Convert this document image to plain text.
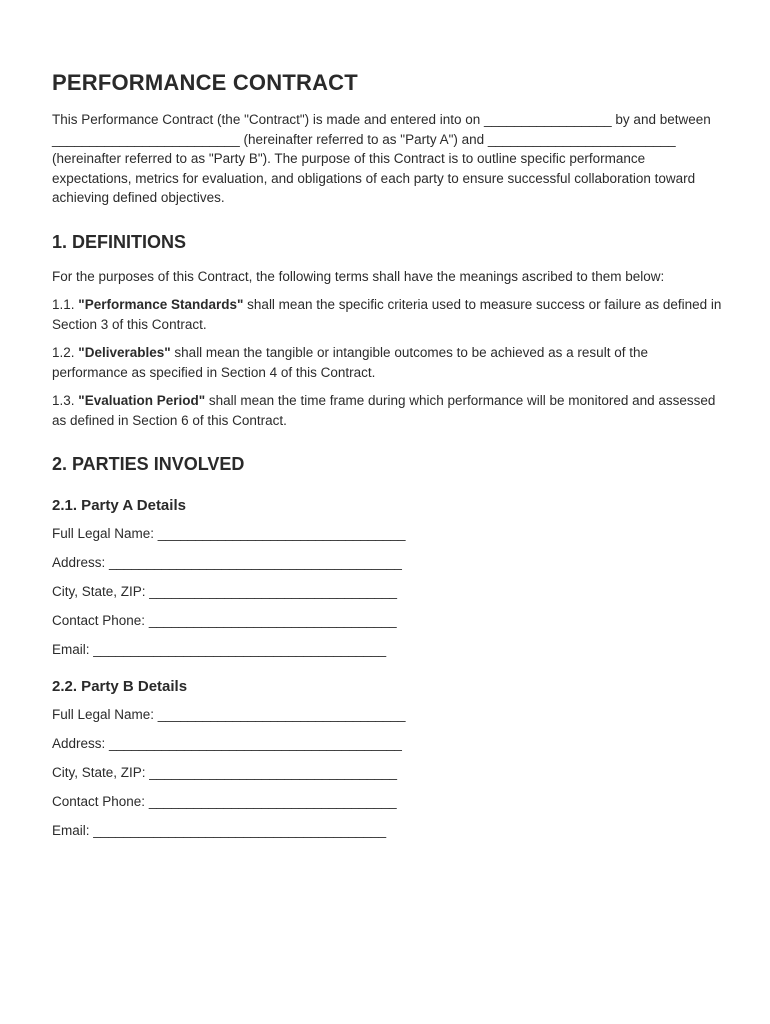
PERFORMANCE CONTRACT

This Performance Contract (the "Contract") is made and entered into on _________________ by and between _________________________ (hereinafter referred to as "Party A") and _________________________ (hereinafter referred to as "Party B"). The purpose of this Contract is to outline specific performance expectations, metrics for evaluation, and obligations of each party to ensure successful collaboration toward achieving defined objectives.

1. DEFINITIONS

For the purposes of this Contract, the following terms shall have the meanings ascribed to them below:

1.1. "Performance Standards" shall mean the specific criteria used to measure success or failure as defined in Section 3 of this Contract.

1.2. "Deliverables" shall mean the tangible or intangible outcomes to be achieved as a result of the performance as specified in Section 4 of this Contract.

1.3. "Evaluation Period" shall mean the time frame during which performance will be monitored and assessed as defined in Section 6 of this Contract.

2. PARTIES INVOLVED
2.1. Party A Details

Full Legal Name: _________________________________

Address: _______________________________________

City, State, ZIP: _________________________________

Contact Phone: _________________________________

Email: _______________________________________

2.2. Party B Details

Full Legal Name: _________________________________

Address: _______________________________________

City, State, ZIP: _________________________________

Contact Phone: _________________________________

Email: _______________________________________
